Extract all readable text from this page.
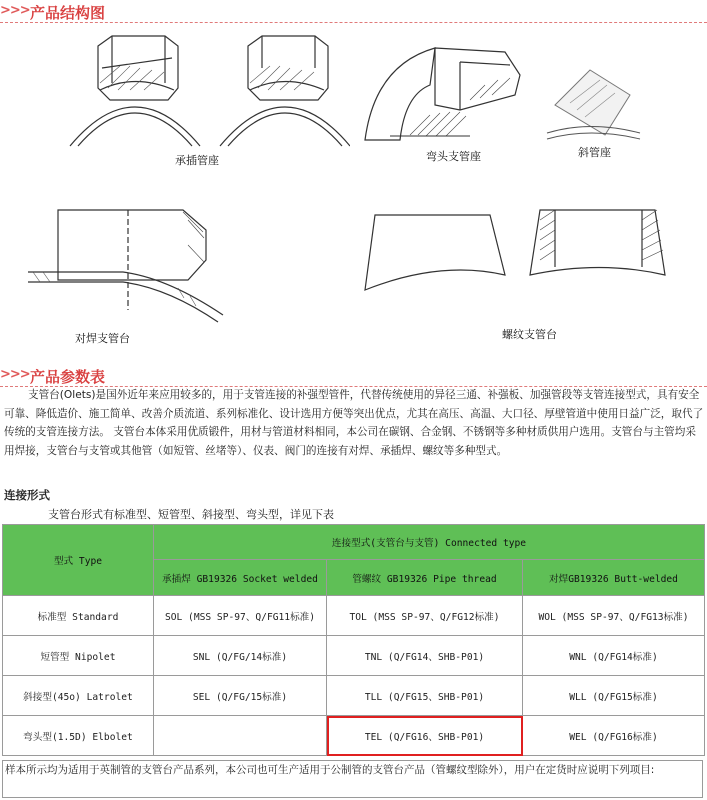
>>> 产品结构图
承插管座	弯头支管座	斜管座
对焊支管台	螺纹支管台
>>> 产品参数表
支管台(Olets)是国外近年来应用较多的，用于支管连接的补强型管件，代替传统使用的异径三通、补强板、加强管段等支管连接型式，具有安全可靠、降低造价、施工简单、改善介质流道、系列标准化、设计选用方便等突出优点，尤其在高压、高温、大口径、厚壁管道中使用日益广泛，取代了传统的支管连接方法。 支管台本体采用优质锻件，用材与管道材料相同，本公司在碳钢、合金钢、不锈钢等多种材质供用户选用。支管台与主管均采用焊接，支管台与支管或其他管（如短管、丝堵等）、仪表、阀门的连接有对焊、承插焊、螺纹等多种型式。
连接形式
支管台形式有标准型、短管型、斜接型、弯头型，详见下表
型式 Type	连接型式(支管台与支管) Connected type		
	承插焊 GB19326 Socket welded	管螺纹 GB19326 Pipe thread	对焊GB19326 Butt-welded
标准型 Standard	SOL (MSS SP-97、Q/FG11标准)	TOL (MSS SP-97、Q/FG12标准)	WOL (MSS SP-97、Q/FG13标准)
短管型 Nipolet	SNL (Q/FG/14标准)	TNL (Q/FG14、SHB-P01)	WNL (Q/FG14标准)
斜接型(45o) Latrolet	SEL (Q/FG/15标准)	TLL (Q/FG15、SHB-P01)	WLL (Q/FG15标准)
弯头型(1.5D) Elbolet		TEL (Q/FG16、SHB-P01)	WEL (Q/FG16标准)
样本所示均为适用于英制管的支管台产品系列，本公司也可生产适用于公制管的支管台产品（管螺纹型除外），用户在定货时应说明下列项目:
